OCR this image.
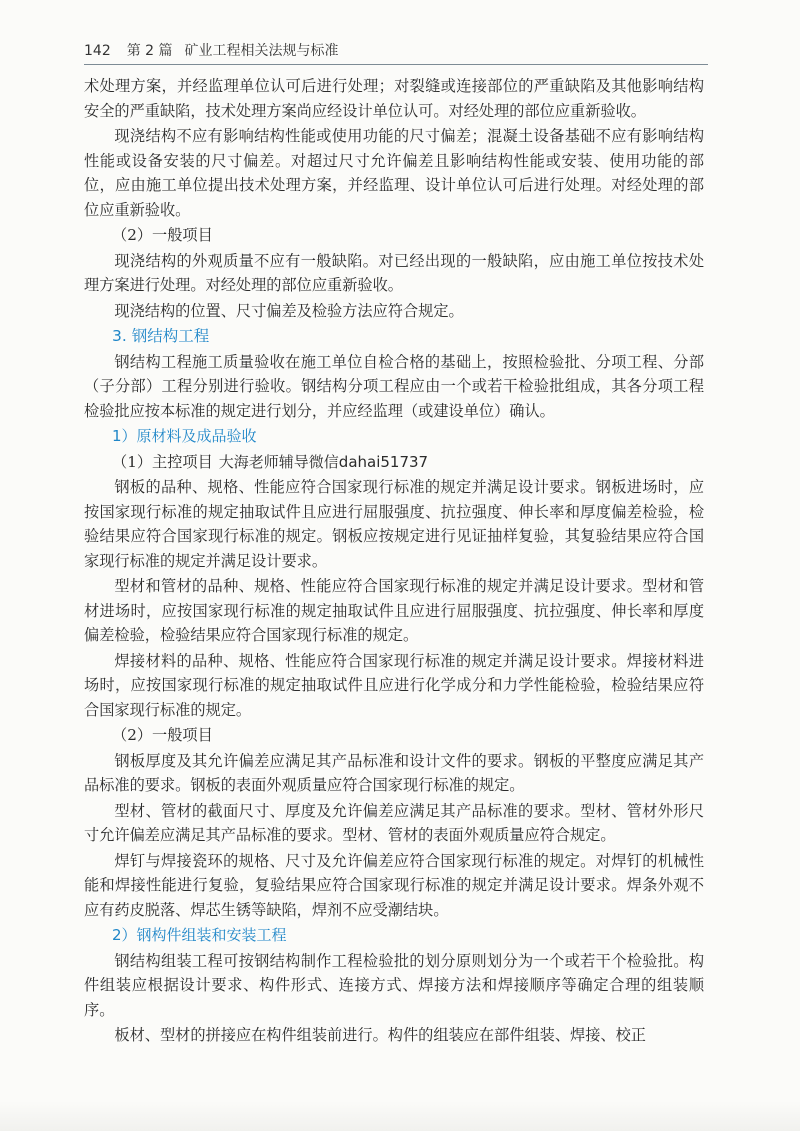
142 第 2 篇 矿业工程相关法规与标准

术处理方案，并经监理单位认可后进行处理；对裂缝或连接部位的严重缺陷及其他影响结构安全的严重缺陷，技术处理方案尚应经设计单位认可。对经处理的部位应重新验收。

现浇结构不应有影响结构性能或使用功能的尺寸偏差；混凝土设备基础不应有影响结构性能或设备安装的尺寸偏差。对超过尺寸允许偏差且影响结构性能或安装、使用功能的部位，应由施工单位提出技术处理方案，并经监理、设计单位认可后进行处理。对经处理的部位应重新验收。

（2）一般项目

现浇结构的外观质量不应有一般缺陷。对已经出现的一般缺陷，应由施工单位按技术处理方案进行处理。对经处理的部位应重新验收。

现浇结构的位置、尺寸偏差及检验方法应符合规定。

3. 钢结构工程

钢结构工程施工质量验收在施工单位自检合格的基础上，按照检验批、分项工程、分部（子分部）工程分别进行验收。钢结构分项工程应由一个或若干检验批组成，其各分项工程检验批应按本标准的规定进行划分，并应经监理（或建设单位）确认。

1）原材料及成品验收

（1）主控项目 大海老师辅导微信dahai51737

钢板的品种、规格、性能应符合国家现行标准的规定并满足设计要求。钢板进场时，应按国家现行标准的规定抽取试件且应进行屈服强度、抗拉强度、伸长率和厚度偏差检验，检验结果应符合国家现行标准的规定。钢板应按规定进行见证抽样复验，其复验结果应符合国家现行标准的规定并满足设计要求。

型材和管材的品种、规格、性能应符合国家现行标准的规定并满足设计要求。型材和管材进场时，应按国家现行标准的规定抽取试件且应进行屈服强度、抗拉强度、伸长率和厚度偏差检验，检验结果应符合国家现行标准的规定。

焊接材料的品种、规格、性能应符合国家现行标准的规定并满足设计要求。焊接材料进场时，应按国家现行标准的规定抽取试件且应进行化学成分和力学性能检验，检验结果应符合国家现行标准的规定。

（2）一般项目

钢板厚度及其允许偏差应满足其产品标准和设计文件的要求。钢板的平整度应满足其产品标准的要求。钢板的表面外观质量应符合国家现行标准的规定。

型材、管材的截面尺寸、厚度及允许偏差应满足其产品标准的要求。型材、管材外形尺寸允许偏差应满足其产品标准的要求。型材、管材的表面外观质量应符合规定。

焊钉与焊接瓷环的规格、尺寸及允许偏差应符合国家现行标准的规定。对焊钉的机械性能和焊接性能进行复验，复验结果应符合国家现行标准的规定并满足设计要求。焊条外观不应有药皮脱落、焊芯生锈等缺陷，焊剂不应受潮结块。

2）钢构件组装和安装工程

钢结构组装工程可按钢结构制作工程检验批的划分原则划分为一个或若干个检验批。构件组装应根据设计要求、构件形式、连接方式、焊接方法和焊接顺序等确定合理的组装顺序。

板材、型材的拼接应在构件组装前进行。构件的组装应在部件组装、焊接、校正
